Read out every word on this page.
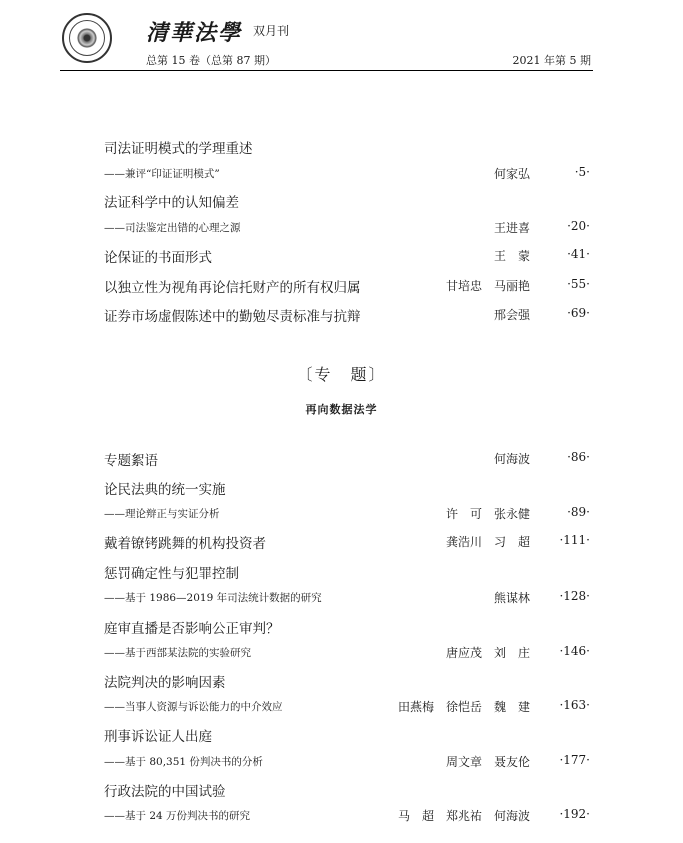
清華法學 双月刊
总第 15 卷（总第 87 期）	2021 年第 5 期
司法证明模式的学理重述
——兼评“印证证明模式”	何家弘	·5·
法证科学中的认知偏差
——司法鉴定出错的心理之源	王进喜	·20·
论保证的书面形式	王　蒙	·41·
以独立性为视角再论信托财产的所有权归属	甘培忠　马丽艳	·55·
证券市场虚假陈述中的勤勉尽责标准与抗辩	邢会强	·69·
〔专　题〕
再向数据法学
专题絮语	何海波	·86·
论民法典的统一实施
——理论辩正与实证分析	许　可　张永健	·89·
戴着镣铐跳舞的机构投资者	龚浩川　习　超 ·111·
惩罚确定性与犯罪控制
——基于 1986—2019 年司法统计数据的研究	熊谋林 ·128·
庭审直播是否影响公正审判？
——基于西部某法院的实验研究	唐应茂　刘　庄 ·146·
法院判决的影响因素
——当事人资源与诉讼能力的中介效应	田燕梅　徐恺岳　魏　建 ·163·
刑事诉讼证人出庭
——基于 80,351 份判决书的分析	周文章　聂友伦 ·177·
行政法院的中国试验
——基于 24 万份判决书的研究	马　超　郑兆祐　何海波 ·192·
